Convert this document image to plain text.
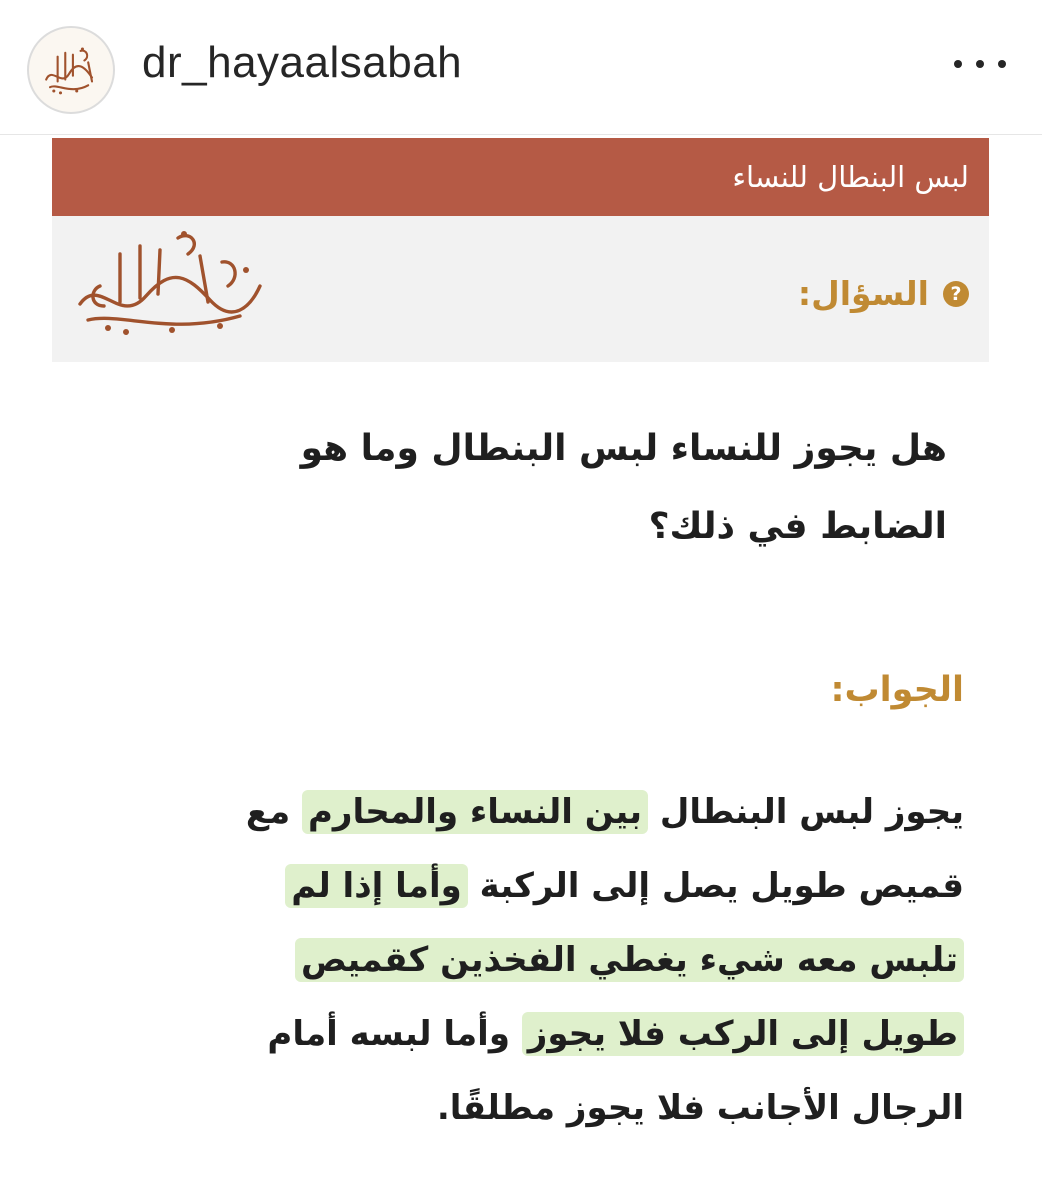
dr_hayaalsabah
لبس البنطال للنساء
?
السؤال:
هل يجوز للنساء لبس البنطال وما هو
الضابط في ذلك؟
الجواب:
يجوز لبس البنطال بين النساء والمحارم مع
قميص طويل يصل إلى الركبة وأما إذا لم
تلبس معه شيء يغطي الفخذين كقميص
طويل إلى الركب فلا يجوز وأما لبسه أمام
الرجال الأجانب فلا يجوز مطلقًا.
